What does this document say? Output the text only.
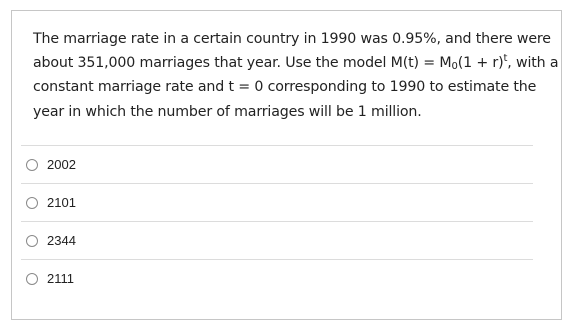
The marriage rate in a certain country in 1990 was 0.95%, and there were about 351,000 marriages that year. Use the model $M(t) = M_0(1 + r)^t$, with a constant marriage rate and t = 0 corresponding to 1990 to estimate the year in which the number of marriages will be 1 million.
2002
2101
2344
2111
